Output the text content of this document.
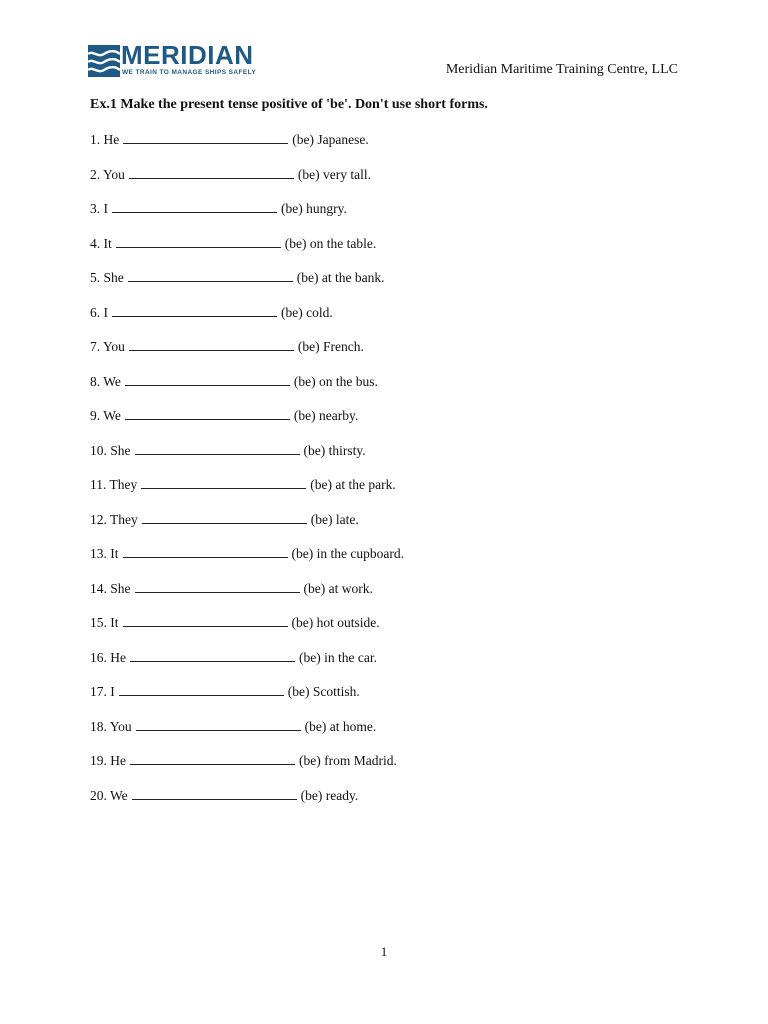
MERIDIAN
WE TRAIN TO MANAGE SHIPS SAFELY	Meridian Maritime Training Centre, LLC
Ex.1 Make the present tense positive of 'be'. Don't use short forms.
1. He	(be) Japanese.
2. You	(be) very tall.
3. I	(be) hungry.
4. It	(be) on the table.
5. She	(be) at the bank.
6. I	(be) cold.
7. You	(be) French.
8. We	(be) on the bus.
9. We	(be) nearby.
10. She	(be) thirsty.
11. They	(be) at the park.
12. They	(be) late.
13. It	(be) in the cupboard.
14. She	(be) at work.
15. It	(be) hot outside.
16. He	(be) in the car.
17. I	(be) Scottish.
18. You	(be) at home.
19. He	(be) from Madrid.
20. We	(be) ready.
1
